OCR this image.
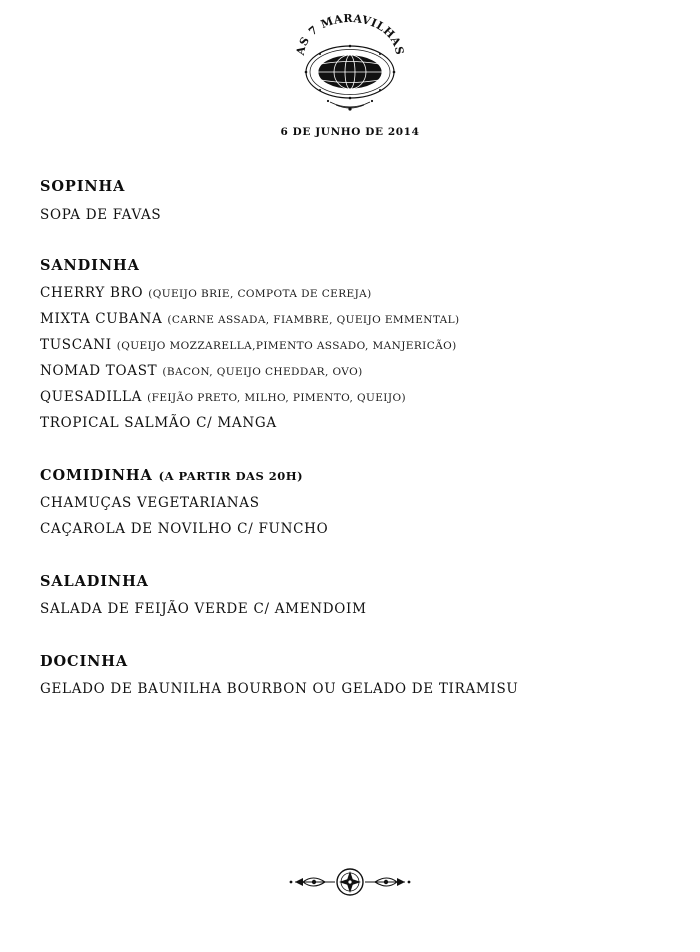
AS 7 MARAVILHAS
6 DE JUNHO DE 2014
SOPINHA
SOPA DE FAVAS
SANDINHA
CHERRY BRO (QUEIJO BRIE, COMPOTA DE CEREJA)
MIXTA CUBANA (CARNE ASSADA, FIAMBRE, QUEIJO EMMENTAL)
TUSCANI (QUEIJO MOZZARELLA,PIMENTO ASSADO, MANJERICÃO)
NOMAD TOAST (BACON, QUEIJO CHEDDAR, OVO)
QUESADILLA (FEIJÃO PRETO, MILHO, PIMENTO, QUEIJO)
TROPICAL SALMÃO C/ MANGA
COMIDINHA (A PARTIR DAS 20H)
CHAMUÇAS VEGETARIANAS
CAÇAROLA DE NOVILHO C/ FUNCHO
SALADINHA
SALADA DE FEIJÃO VERDE C/ AMENDOIM
DOCINHA
GELADO DE BAUNILHA BOURBON OU GELADO DE TIRAMISU
